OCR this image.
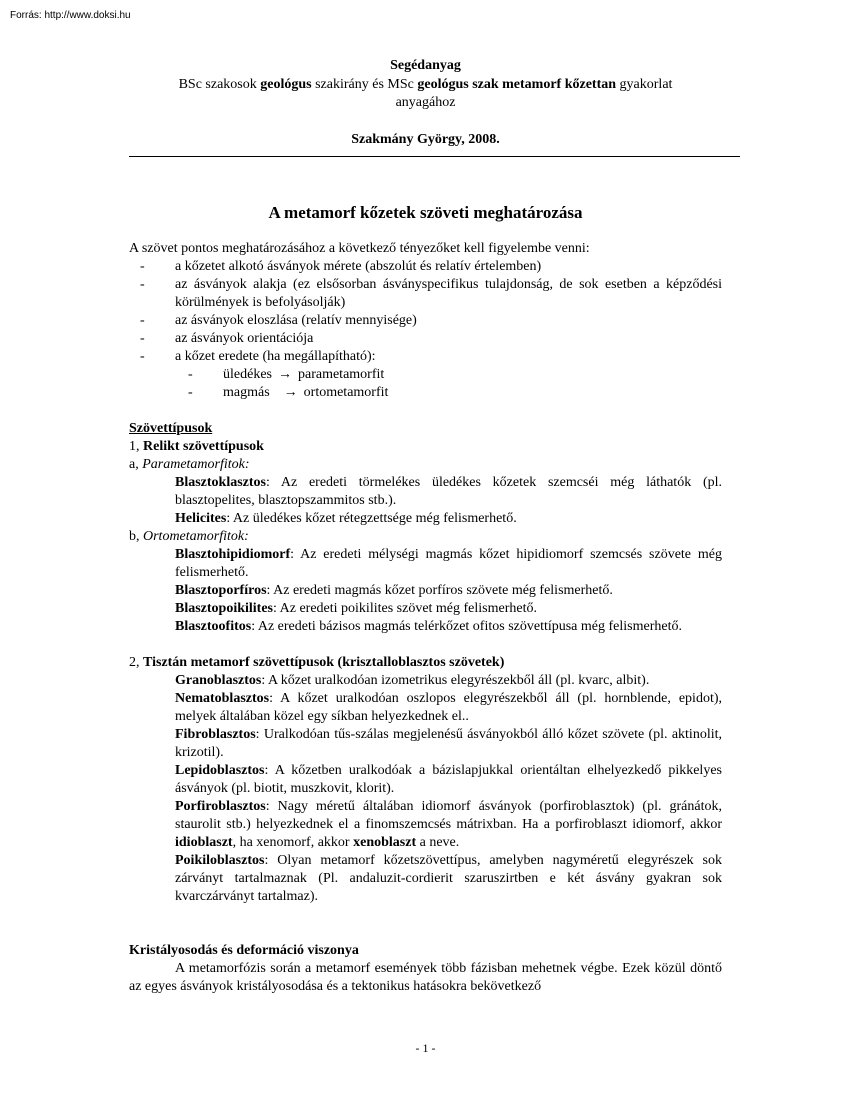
Forrás: http://www.doksi.hu
Segédanyag
BSc szakosok geológus szakirány és MSc geológus szak metamorf kőzettan gyakorlat
anyagához
Szakmány György, 2008.
A metamorf kőzetek szöveti meghatározása

A szövet pontos meghatározásához a következő tényezőket kell figyelembe venni:

- a kőzetet alkotó ásványok mérete (abszolút és relatív értelemben)
- az ásványok alakja (ez elsősorban ásványspecifikus tulajdonság, de sok esetben a képződési körülmények is befolyásolják)
- az ásványok eloszlása (relatív mennyisége)
- az ásványok orientációja
- a kőzet eredete (ha megállapítható):
- üledékes → parametamorfit
- magmás → ortometamorfit

Szövettípusok

1, Relikt szövettípusok

a, Parametamorfitok:

Blasztoklasztos: Az eredeti törmelékes üledékes kőzetek szemcséi még láthatók (pl. blasztopelites, blasztopszammitos stb.).

Helicites: Az üledékes kőzet rétegzettsége még felismerhető.

b, Ortometamorfitok:

Blasztohipidiomorf: Az eredeti mélységi magmás kőzet hipidiomorf szemcsés szövete még felismerhető.

Blasztoporfíros: Az eredeti magmás kőzet porfíros szövete még felismerhető.

Blasztopoikilites: Az eredeti poikilites szövet még felismerhető.

Blasztoofitos: Az eredeti bázisos magmás telérkőzet ofitos szövettípusa még felismerhető.

2, Tisztán metamorf szövettípusok (krisztalloblasztos szövetek)

Granoblasztos: A kőzet uralkodóan izometrikus elegyrészekből áll (pl. kvarc, albit).

Nematoblasztos: A kőzet uralkodóan oszlopos elegyrészekből áll (pl. hornblende, epidot), melyek általában közel egy síkban helyezkednek el..

Fibroblasztos: Uralkodóan tűs-szálas megjelenésű ásványokból álló kőzet szövete (pl. aktinolit, krizotil).

Lepidoblasztos: A kőzetben uralkodóak a bázislapjukkal orientáltan elhelyezkedő pikkelyes ásványok (pl. biotit, muszkovit, klorit).

Porfiroblasztos: Nagy méretű általában idiomorf ásványok (porfiroblasztok) (pl. gránátok, staurolit stb.) helyezkednek el a finomszemcsés mátrixban. Ha a porfiroblaszt idiomorf, akkor idioblaszt, ha xenomorf, akkor xenoblaszt a neve.

Poikiloblasztos: Olyan metamorf kőzetszövettípus, amelyben nagyméretű elegyrészek sok zárványt tartalmaznak (Pl. andaluzit-cordierit szaruszirtben e két ásvány gyakran sok kvarczárványt tartalmaz).

Kristályosodás és deformáció viszonya

A metamorfózis során a metamorf események több fázisban mehetnek végbe. Ezek közül döntő az egyes ásványok kristályosodása és a tektonikus hatásokra bekövetkező

- 1 -
